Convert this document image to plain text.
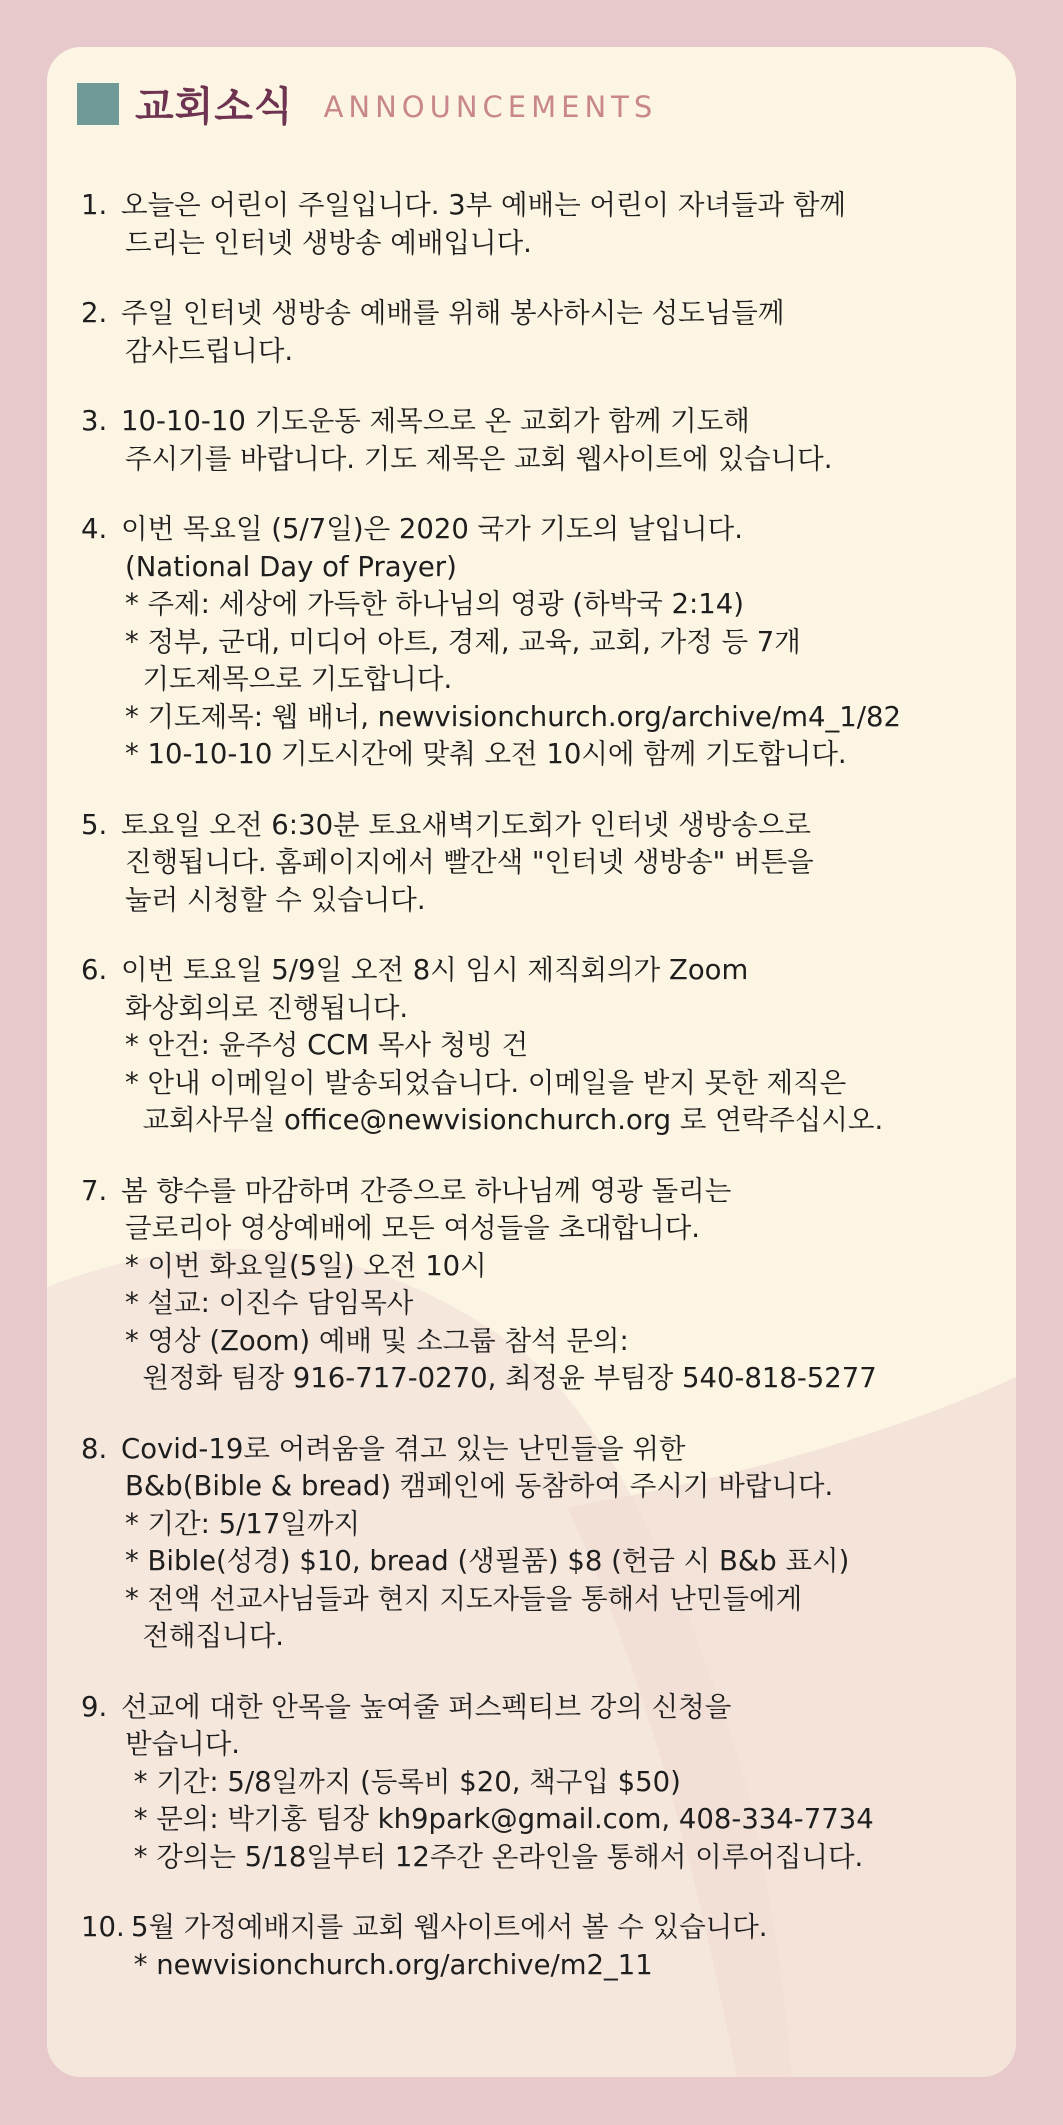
교회소식 ANNOUNCEMENTS
1. 오늘은 어린이 주일입니다. 3부 예배는 어린이 자녀들과 함께
드리는 인터넷 생방송 예배입니다.
2. 주일 인터넷 생방송 예배를 위해 봉사하시는 성도님들께
감사드립니다.
3. 10-10-10 기도운동 제목으로 온 교회가 함께 기도해
주시기를 바랍니다. 기도 제목은 교회 웹사이트에 있습니다.
4. 이번 목요일 (5/7일)은 2020 국가 기도의 날입니다.
(National Day of Prayer)
* 주제: 세상에 가득한 하나님의 영광 (하박국 2:14)
* 정부, 군대, 미디어 아트, 경제, 교육, 교회, 가정 등 7개
기도제목으로 기도합니다.
* 기도제목: 웹 배너, newvisionchurch.org/archive/m4_1/82
* 10-10-10 기도시간에 맞춰 오전 10시에 함께 기도합니다.
5. 토요일 오전 6:30분 토요새벽기도회가 인터넷 생방송으로
진행됩니다. 홈페이지에서 빨간색 "인터넷 생방송" 버튼을
눌러 시청할 수 있습니다.
6. 이번 토요일 5/9일 오전 8시 임시 제직회의가 Zoom
화상회의로 진행됩니다.
* 안건: 윤주성 CCM 목사 청빙 건
* 안내 이메일이 발송되었습니다. 이메일을 받지 못한 제직은
교회사무실 office@newvisionchurch.org 로 연락주십시오.
7. 봄 향수를 마감하며 간증으로 하나님께 영광 돌리는
글로리아 영상예배에 모든 여성들을 초대합니다.
* 이번 화요일(5일) 오전 10시
* 설교: 이진수 담임목사
* 영상 (Zoom) 예배 및 소그룹 참석 문의:
원정화 팀장 916-717-0270, 최정윤 부팀장 540-818-5277
8. Covid-19로 어려움을 겪고 있는 난민들을 위한
B&b(Bible & bread) 캠페인에 동참하여 주시기 바랍니다.
* 기간: 5/17일까지
* Bible(성경) $10, bread (생필품) $8 (헌금 시 B&b 표시)
* 전액 선교사님들과 현지 지도자들을 통해서 난민들에게
전해집니다.
9. 선교에 대한 안목을 높여줄 퍼스펙티브 강의 신청을
받습니다.
* 기간: 5/8일까지 (등록비 $20, 책구입 $50)
* 문의: 박기홍 팀장 kh9park@gmail.com, 408-334-7734
* 강의는 5/18일부터 12주간 온라인을 통해서 이루어집니다.
10. 5월 가정예배지를 교회 웹사이트에서 볼 수 있습니다.
* newvisionchurch.org/archive/m2_11
